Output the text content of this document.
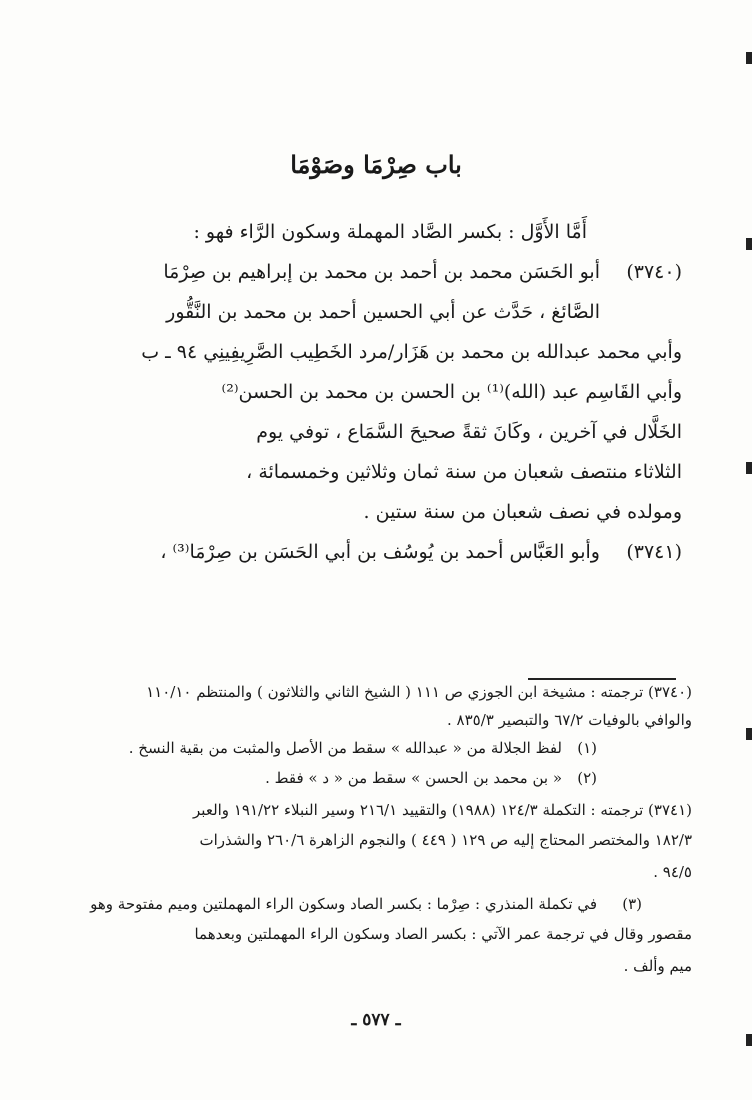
باب صِرْمَا وصَوْمَا
أَمَّا الأَوَّل : بكسر الصَّاد المهملة وسكون الرَّاء فهو :
(٣٧٤٠)
أبو الحَسَن محمد بن أحمد بن محمد بن إبراهيم بن صِرْمَا
الصَّائغ ، حَدَّث عن أبي الحسين أحمد بن محمد بن النَّقُّور
وأبي محمد عبدالله بن محمد بن هَزَار/مرد الخَطِيب الصَّرِيفِينِي ٩٤ ـ ب
وأبي القَاسِم عبد (الله)⁽¹⁾ بن الحسن بن محمد بن الحسن⁽²⁾
الخَلَّال في آخرين ، وكَانَ ثقةً صحيحَ السَّمَاع ، توفي يوم
الثلاثاء منتصف شعبان من سنة ثمان وثلاثين وخمسمائة ،
ومولده في نصف شعبان من سنة ستين .
(٣٧٤١)
وأبو العَبَّاس أحمد بن يُوسُف بن أبي الحَسَن بن صِرْمَا⁽³⁾ ،
(٣٧٤٠) ترجمته : مشيخة ابن الجوزي ص ١١١ ( الشيخ الثاني والثلاثون ) والمنتظم ١١٠/١٠
والوافي بالوفيات ٦٧/٢ والتبصير ٨٣٥/٣ .
(١)
لفظ الجلالة من « عبدالله » سقط من الأصل والمثبت من بقية النسخ .
(٢)
« بن محمد بن الحسن » سقط من « د » فقط .
(٣٧٤١) ترجمته : التكملة ١٢٤/٣ (١٩٨٨) والتقييد ٢١٦/١ وسير النبلاء ١٩١/٢٢ والعبر
١٨٢/٣ والمختصر المحتاج إليه ص ١٢٩ ( ٤٤٩ ) والنجوم الزاهرة ٢٦٠/٦ والشذرات
٩٤/٥ .
(٣)
في تكملة المنذري : صِرْما : بكسر الصاد وسكون الراء المهملتين وميم مفتوحة وهو
مقصور وقال في ترجمة عمر الآتي : بكسر الصاد وسكون الراء المهملتين وبعدهما
ميم وألف .
ـ ٥٧٧ ـ
